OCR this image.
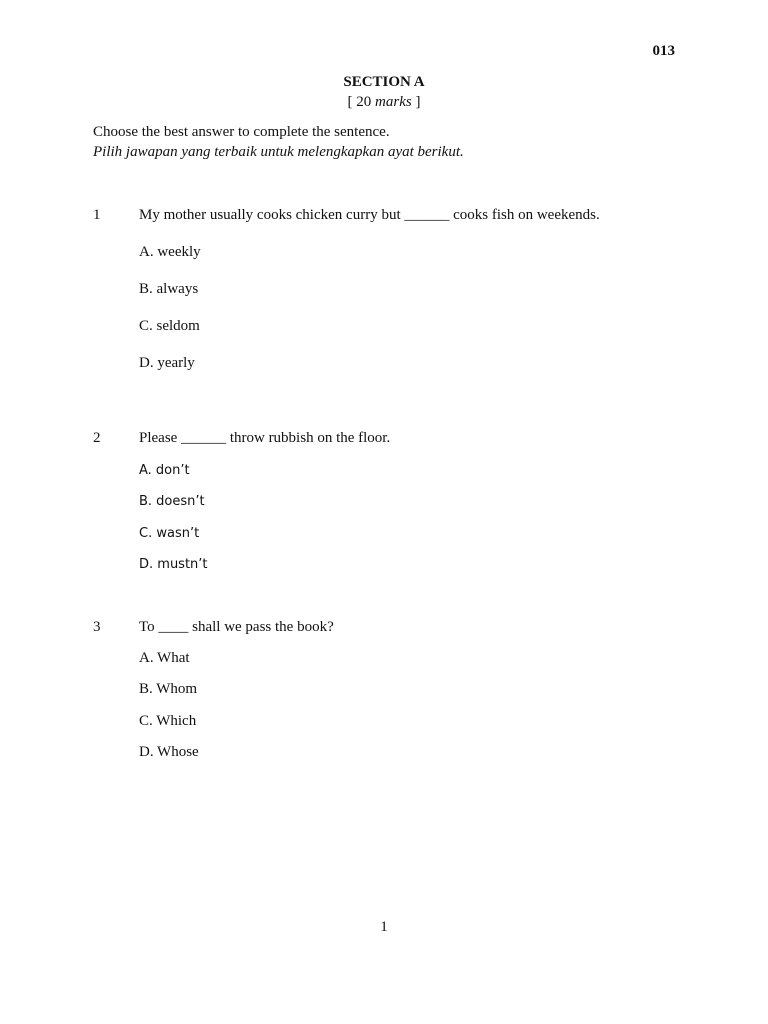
013
SECTION A
[ 20 marks ]
Choose the best answer to complete the sentence.
Pilih jawapan yang terbaik untuk melengkapkan ayat berikut.
1	My mother usually cooks chicken curry but ______ cooks fish on weekends.
A. weekly
B. always
C. seldom
D. yearly
2	Please ______ throw rubbish on the floor.
A. don’t
B. doesn’t
C. wasn’t
D. mustn’t
3	To ____ shall we pass the book?
A. What
B. Whom
C. Which
D. Whose
1
